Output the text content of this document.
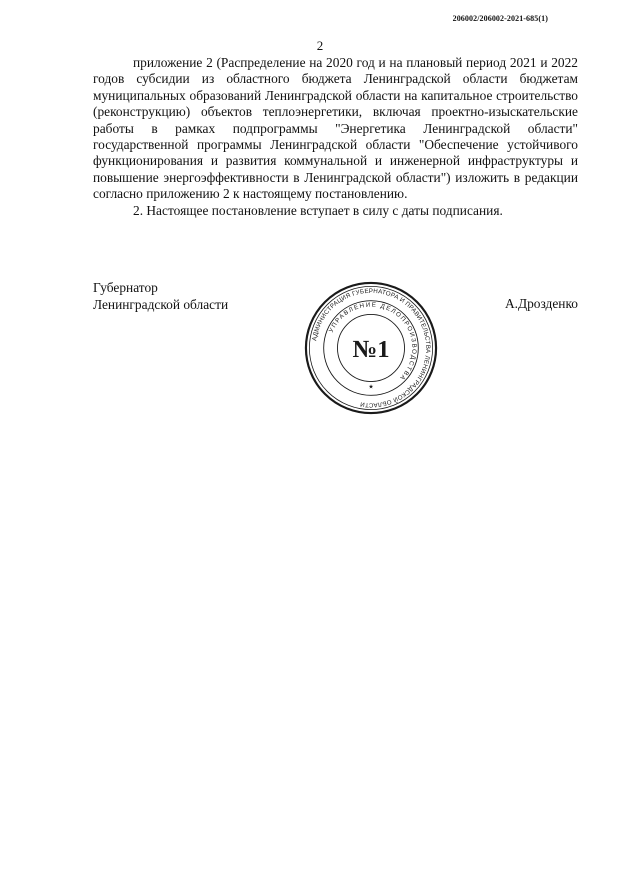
206002/206002-2021-685(1)
2

приложение 2 (Распределение на 2020 год и на плановый период 2021 и 2022 годов субсидии из областного бюджета Ленинградской области бюджетам муниципальных образований Ленинградской области на капитальное строительство (реконструкцию) объектов теплоэнергетики, включая проектно-изыскательские работы в рамках подпрограммы "Энергетика Ленинградской области" государственной программы Ленинградской области "Обеспечение устойчивого функционирования и развития коммунальной и инженерной инфраструктуры и повышение энергоэффективности в Ленинградской области") изложить в редакции согласно приложению 2 к настоящему постановлению.

2. Настоящее постановление вступает в силу с даты подписания.

Губернатор
Ленинградской области	А.Дрозденко
АДМИНИСТРАЦИЯ ГУБЕРНАТОРА И ПРАВИТЕЛЬСТВА ЛЕНИНГРАДСКОЙ ОБЛАСТИ
УПРАВЛЕНИЕ ДЕЛОПРОИЗВОДСТВА
№1
★
